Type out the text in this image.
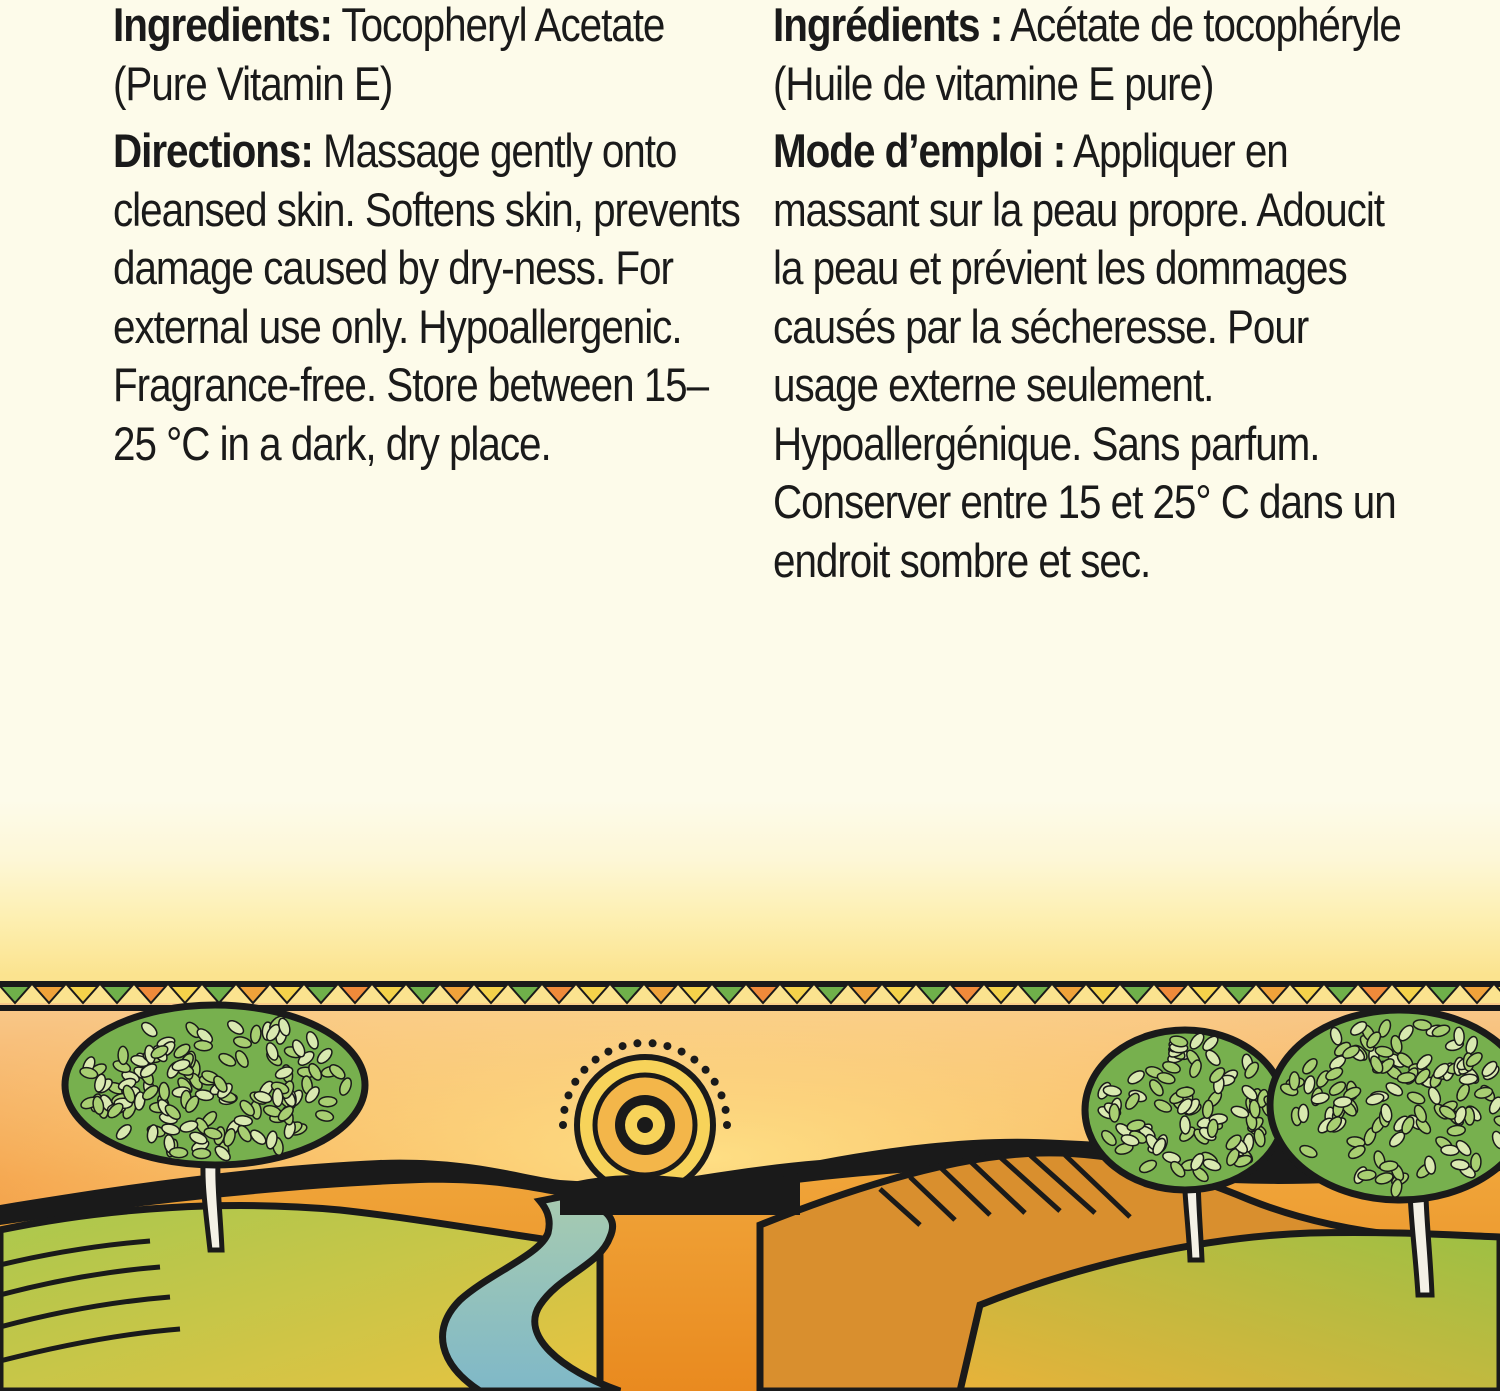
Ingredients: Tocopheryl Acetate (Pure Vitamin E)

Directions: Massage gently onto cleansed skin. Softens skin, prevents damage caused by dry-ness. For external use only. Hypoallergenic. Fragrance-free. Store between 15–25 °C in a dark, dry place.

Ingrédients : Acétate de tocophéryle (Huile de vitamine E pure)

Mode d’emploi : Appliquer en massant sur la peau propre. Adoucit la peau et prévient les dommages causés par la sécheresse. Pour usage externe seulement. Hypoallergénique. Sans parfum. Conserver entre 15 et 25° C dans un endroit sombre et sec.
